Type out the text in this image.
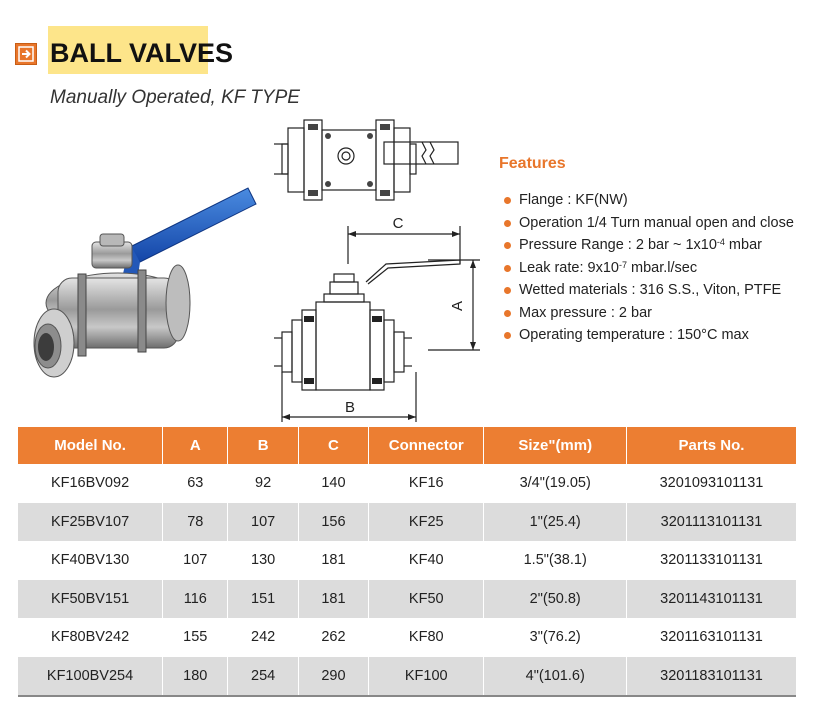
BALL VALVES
Manually Operated, KF TYPE
BALL VALVE
C
A
B
Features
Flange : KF(NW)
Operation 1/4 Turn manual open and close
Pressure Range : 2 bar ~ $1x10^{-4}$ mbar
Leak rate: $9x10^{-7}$ mbar.l/sec
Wetted materials : 316 S.S., Viton, PTFE
Max pressure : 2 bar
Operating temperature : 150°C max
Model No.	A	B	C	Connector	Size"(mm)	Parts No.
KF16BV092	63	92	140	KF16	3/4"(19.05)	3201093101131
KF25BV107	78	107	156	KF25	1"(25.4)	3201113101131
KF40BV130	107	130	181	KF40	1.5"(38.1)	3201133101131
KF50BV151	116	151	181	KF50	2"(50.8)	3201143101131
KF80BV242	155	242	262	KF80	3"(76.2)	3201163101131
KF100BV254	180	254	290	KF100	4"(101.6)	3201183101131
